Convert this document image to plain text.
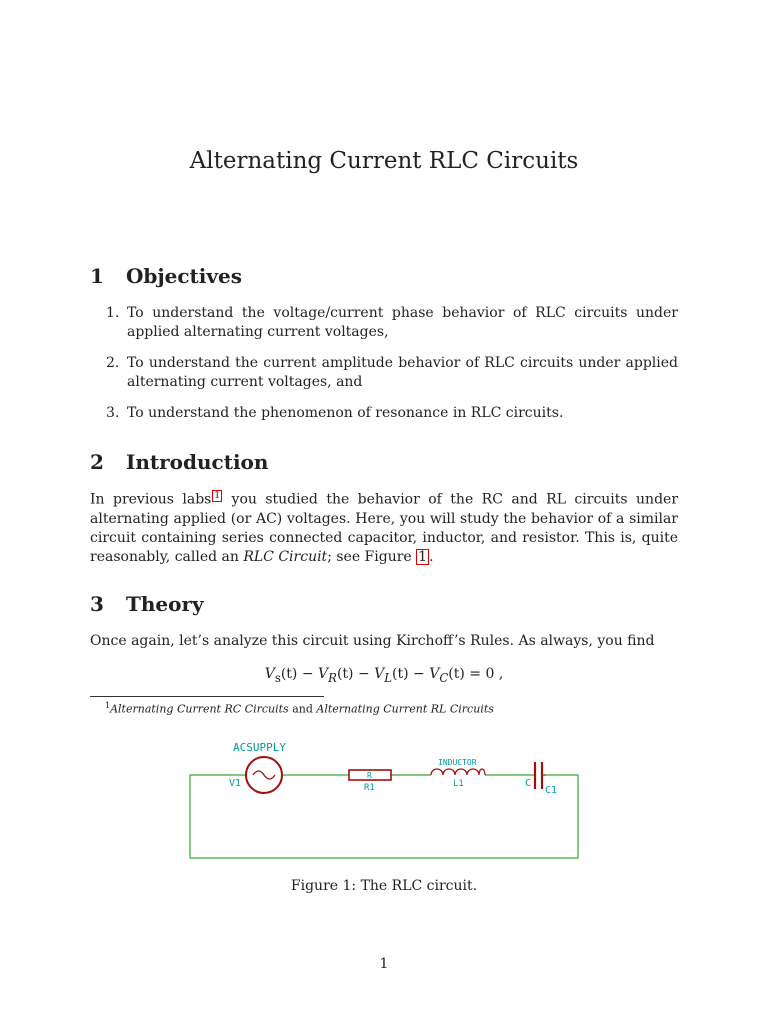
Alternating Current RLC Circuits
1 Objectives
1. To understand the voltage/current phase behavior of RLC circuits under applied alternating current voltages,
2. To understand the current amplitude behavior of RLC circuits under applied alternating current voltages, and
3. To understand the phenomenon of resonance in RLC circuits.
2 Introduction

In previous labs 1 you studied the behavior of the RC and RL circuits under alternating applied (or AC) voltages. Here, you will study the behavior of a similar circuit containing series connected capacitor, inductor, and resistor. This is, quite reasonably, called an RLC Circuit; see Figure 1 .

3 Theory

Once again, let’s analyze this circuit using Kirchoff’s Rules. As always, you find

$V_s(t) - V_R(t) - V_L(t) - V_C(t) = 0$ ,
$^1$Alternating Current RC Circuits and Alternating Current RL Circuits
ACSUPPLY
V1
R
R1
INDUCTOR
L1	C
C1
Figure 1: The RLC circuit.
1
